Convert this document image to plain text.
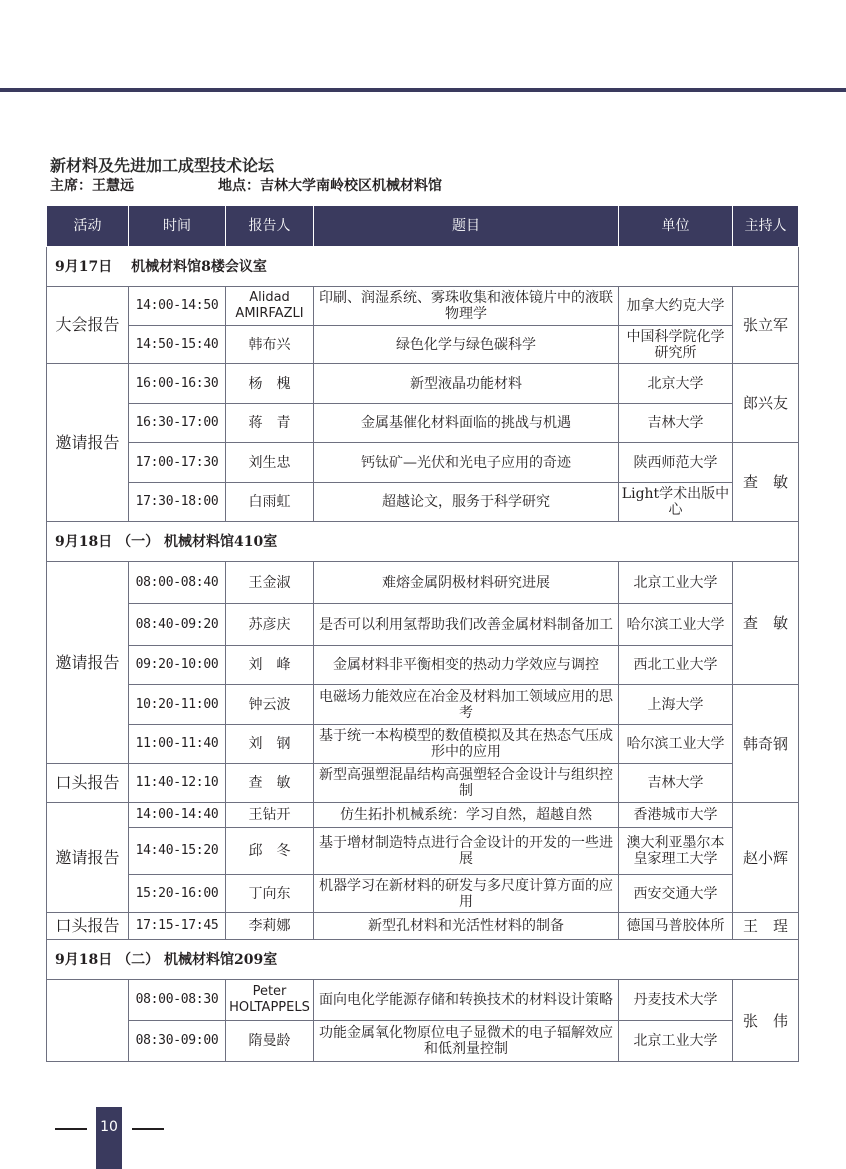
新材料及先进加工成型技术论坛
主席：王慧远	地点：吉林大学南岭校区机械材料馆
活动	时间	报告人	题目	单位	主持人
9月17日　 机械材料馆8楼会议室					
大会报告	14:00-14:50	Alidad AMIRFAZLI	印刷、润湿系统、雾珠收集和液体镜片中的液联物理学	加拿大约克大学	张立军
	14:50-15:40	韩布兴	绿色化学与绿色碳科学	中国科学院化学研究所	
邀请报告	16:00-16:30	杨　槐	新型液晶功能材料	北京大学	郎兴友
	16:30-17:00	蒋　青	金属基催化材料面临的挑战与机遇	吉林大学	
	17:00-17:30	刘生忠	钙钛矿—光伏和光电子应用的奇迹	陕西师范大学	查　敏
	17:30-18:00	白雨虹	超越论文，服务于科学研究	Light学术出版中心	
9月18日 （一） 机械材料馆410室					
邀请报告	08:00-08:40	王金淑	难熔金属阴极材料研究进展	北京工业大学	查　敏
	08:40-09:20	苏彦庆	是否可以利用氢帮助我们改善金属材料制备加工	哈尔滨工业大学	
	09:20-10:00	刘　峰	金属材料非平衡相变的热动力学效应与调控	西北工业大学	
	10:20-11:00	钟云波	电磁场力能效应在冶金及材料加工领域应用的思考	上海大学	韩奇钢
	11:00-11:40	刘　钢	基于统一本构模型的数值模拟及其在热态气压成形中的应用	哈尔滨工业大学	
口头报告	11:40-12:10	查　敏	新型高强塑混晶结构高强塑轻合金设计与组织控制	吉林大学	
邀请报告	14:00-14:40	王钻开	仿生拓扑机械系统：学习自然，超越自然	香港城市大学	赵小辉
	14:40-15:20	邱　冬	基于增材制造特点进行合金设计的开发的一些进展	澳大利亚墨尔本皇家理工大学	
	15:20-16:00	丁向东	机器学习在新材料的研发与多尺度计算方面的应用	西安交通大学	
口头报告	17:15-17:45	李莉娜	新型孔材料和光活性材料的制备	德国马普胶体所	王　珵
9月18日 （二） 机械材料馆209室					
	08:00-08:30	Peter HOLTAPPELS	面向电化学能源存储和转换技术的材料设计策略	丹麦技术大学	张　伟
	08:30-09:00	隋曼龄	功能金属氧化物原位电子显微术的电子辐解效应和低剂量控制	北京工业大学	
10
